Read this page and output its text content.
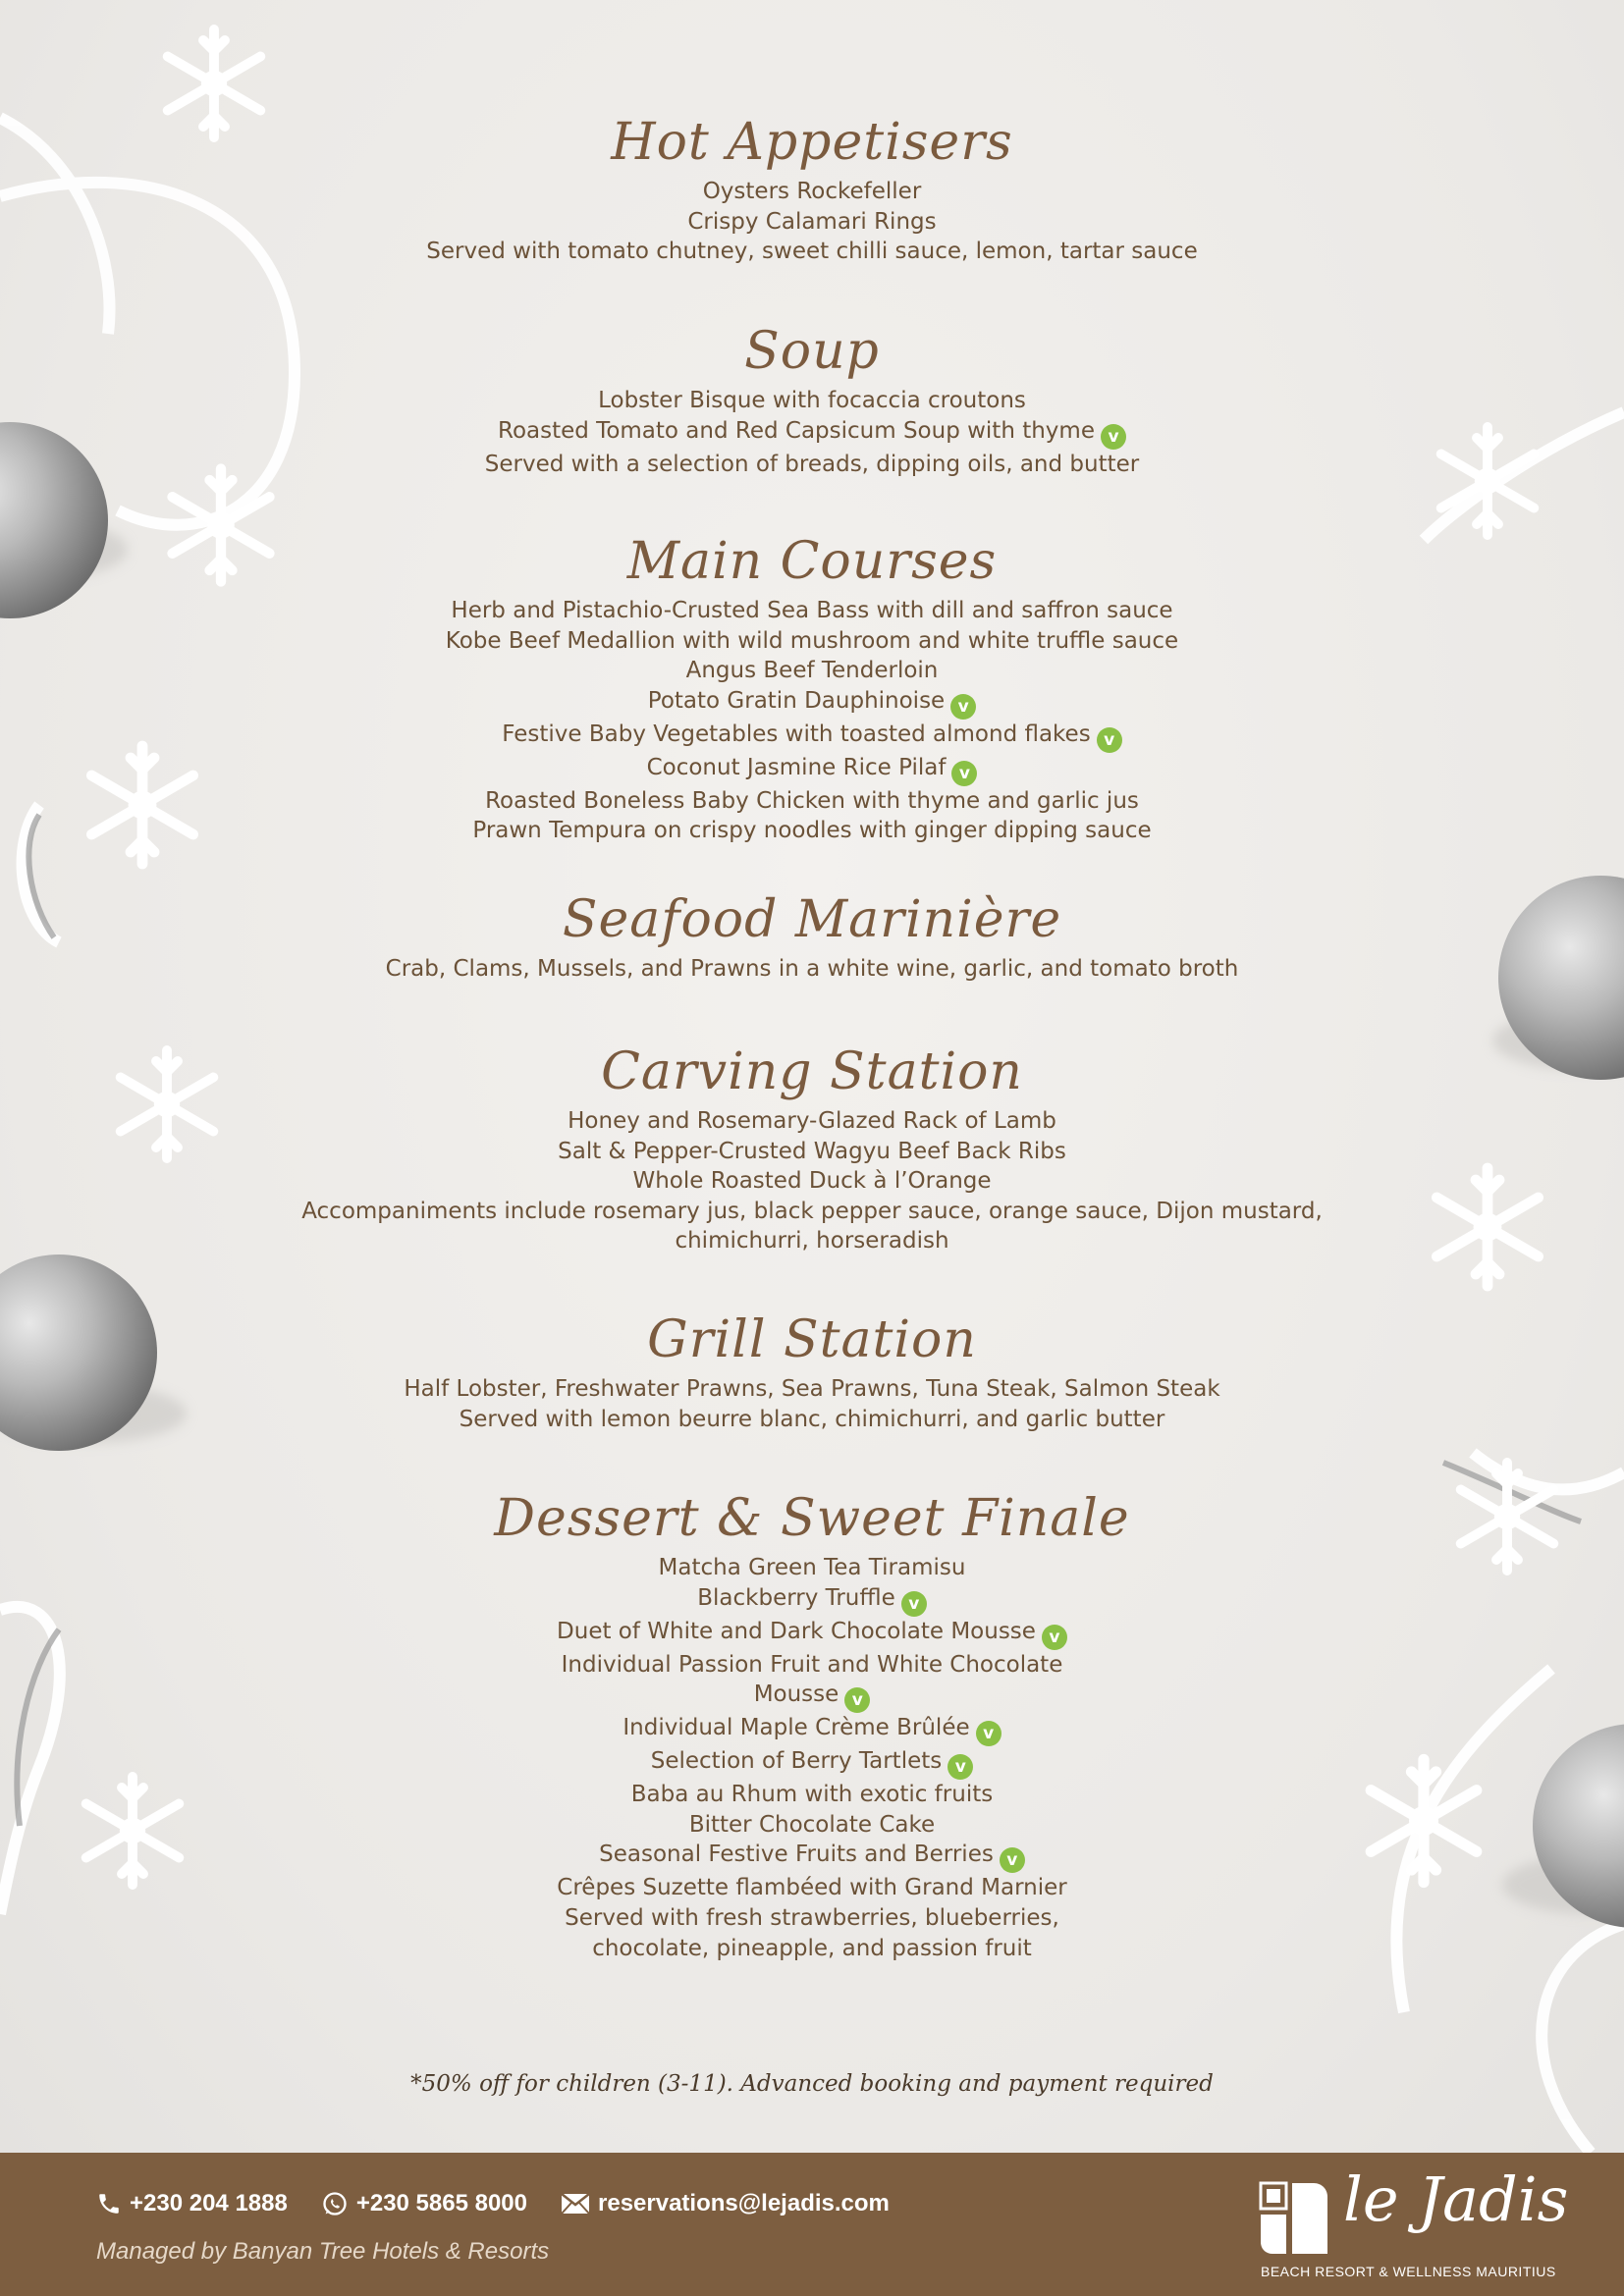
Hot Appetisers
Oysters Rockefeller
Crispy Calamari Rings
Served with tomato chutney, sweet chilli sauce, lemon, tartar sauce
Soup
Lobster Bisque with focaccia croutons
Roasted Tomato and Red Capsicum Soup with thyme v
Served with a selection of breads, dipping oils, and butter
Main Courses
Herb and Pistachio-Crusted Sea Bass with dill and saffron sauce
Kobe Beef Medallion with wild mushroom and white truffle sauce
Angus Beef Tenderloin
Potato Gratin Dauphinoise v
Festive Baby Vegetables with toasted almond flakes v
Coconut Jasmine Rice Pilaf v
Roasted Boneless Baby Chicken with thyme and garlic jus
Prawn Tempura on crispy noodles with ginger dipping sauce
Seafood Marinière
Crab, Clams, Mussels, and Prawns in a white wine, garlic, and tomato broth
Carving Station
Honey and Rosemary-Glazed Rack of Lamb
Salt & Pepper-Crusted Wagyu Beef Back Ribs
Whole Roasted Duck à l’Orange
Accompaniments include rosemary jus, black pepper sauce, orange sauce, Dijon mustard,
chimichurri, horseradish
Grill Station
Half Lobster, Freshwater Prawns, Sea Prawns, Tuna Steak, Salmon Steak
Served with lemon beurre blanc, chimichurri, and garlic butter
Dessert & Sweet Finale
Matcha Green Tea Tiramisu
Blackberry Truffle v
Duet of White and Dark Chocolate Mousse v
Individual Passion Fruit and White Chocolate
Mousse v
Individual Maple Crème Brûlée v
Selection of Berry Tartlets v
Baba au Rhum with exotic fruits
Bitter Chocolate Cake
Seasonal Festive Fruits and Berries v
Crêpes Suzette flambéed with Grand Marnier
Served with fresh strawberries, blueberries,
chocolate, pineapple, and passion fruit
*50% off for children (3-11). Advanced booking and payment required
+230 204 1888	+230 5865 8000	reservations@lejadis.com
Managed by Banyan Tree Hotels & Resorts
le Jadis
BEACH RESORT & WELLNESS MAURITIUS
